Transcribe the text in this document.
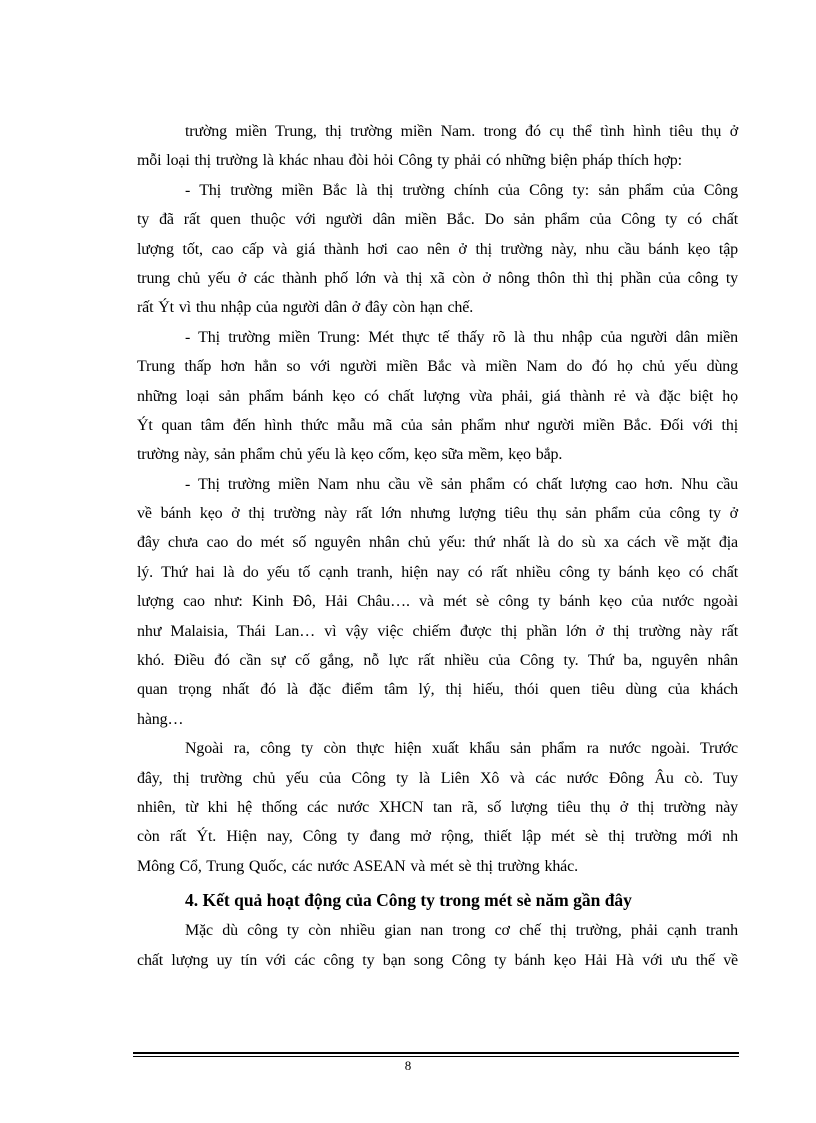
trường miền Trung, thị trường miền Nam. trong đó cụ thể tình hình tiêu thụ ở
mỗi loại thị trường là khác nhau đòi hỏi Công ty phải có những biện pháp thích hợp:
- Thị trường miền Bắc là thị trường chính của Công ty: sản phẩm của Công
ty đã rất quen thuộc với người dân miền Bắc. Do sản phẩm của Công ty có chất
lượng tốt, cao cấp và giá thành hơi cao nên ở thị trường này, nhu cầu bánh kẹo tập
trung chủ yếu ở các thành phố lớn và thị xã còn ở nông thôn thì thị phần của công ty
rất Ýt vì thu nhập của người dân ở đây còn hạn chế.
- Thị trường miền Trung: Mét thực tế thấy rõ là thu nhập của người dân miền
Trung thấp hơn hẳn so với người miền Bắc và miền Nam do đó họ chủ yếu dùng
những loại sản phẩm bánh kẹo có chất lượng vừa phải, giá thành rẻ và đặc biệt họ
Ýt quan tâm đến hình thức mẫu mã của sản phẩm như người miền Bắc. Đối với thị
trường này, sản phẩm chủ yếu là kẹo cốm, kẹo sữa mềm, kẹo bắp.
- Thị trường miền Nam nhu cầu về sản phẩm có chất lượng cao hơn. Nhu cầu
về bánh kẹo ở thị trường này rất lớn nhưng lượng tiêu thụ sản phẩm của công ty ở
đây chưa cao do mét số nguyên nhân chủ yếu: thứ nhất là do sù xa cách về mặt địa
lý. Thứ hai là do yếu tố cạnh tranh, hiện nay có rất nhiều công ty bánh kẹo có chất
lượng cao như: Kinh Đô, Hải Châu…. và mét sè công ty bánh kẹo của nước ngoài
như Malaisia, Thái Lan… vì vậy việc chiếm được thị phần lớn ở thị trường này rất
khó. Điều đó cần sự cố gắng, nỗ lực rất nhiều của Công ty. Thứ ba, nguyên nhân
quan trọng nhất đó là đặc điểm tâm lý, thị hiếu, thói quen tiêu dùng của khách
hàng…
Ngoài ra, công ty còn thực hiện xuất khẩu sản phẩm ra nước ngoài. Trước
đây, thị trường chủ yếu của Công ty là Liên Xô và các nước Đông Âu cò. Tuy
nhiên, từ khi hệ thống các nước XHCN tan rã, số lượng tiêu thụ ở thị trường này
còn rất Ýt. Hiện nay, Công ty đang mở rộng, thiết lập mét sè thị trường mới nh
Mông Cổ, Trung Quốc, các nước ASEAN và mét sè thị trường khác.
4. Kết quả hoạt động của Công ty trong mét sè năm gần đây
Mặc dù công ty còn nhiều gian nan trong cơ chế thị trường, phải cạnh tranh
chất lượng uy tín với các công ty bạn song Công ty bánh kẹo Hải Hà với ưu thế về
8
